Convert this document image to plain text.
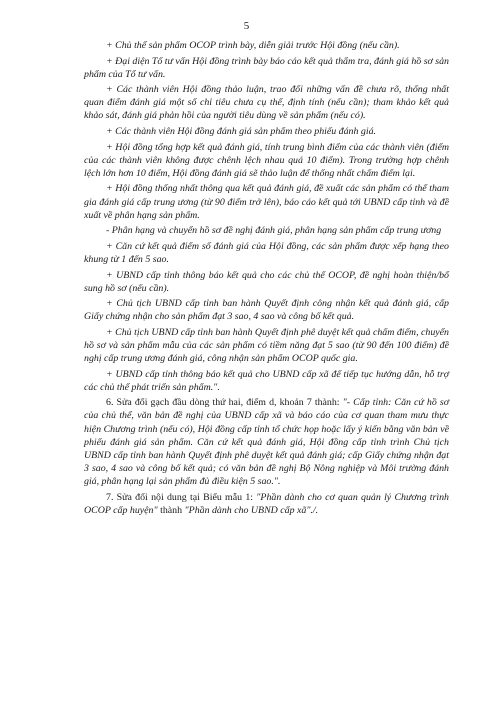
5

+ Chủ thể sản phẩm OCOP trình bày, diễn giải trước Hội đồng (nếu cần).

+ Đại diện Tổ tư vấn Hội đồng trình bày báo cáo kết quả thẩm tra, đánh giá hồ sơ sản phẩm của Tổ tư vấn.

+ Các thành viên Hội đồng thảo luận, trao đổi những vấn đề chưa rõ, thống nhất quan điểm đánh giá một số chỉ tiêu chưa cụ thể, định tính (nếu cần); tham khảo kết quả khảo sát, đánh giá phản hồi của người tiêu dùng về sản phẩm (nếu có).

+ Các thành viên Hội đồng đánh giá sản phẩm theo phiếu đánh giá.

+ Hội đồng tổng hợp kết quả đánh giá, tính trung bình điểm của các thành viên (điểm của các thành viên không được chênh lệch nhau quá 10 điểm). Trong trường hợp chênh lệch lớn hơn 10 điểm, Hội đồng đánh giá sẽ thảo luận để thống nhất chấm điểm lại.

+ Hội đồng thống nhất thông qua kết quả đánh giá, đề xuất các sản phẩm có thể tham gia đánh giá cấp trung ương (từ 90 điểm trở lên), báo cáo kết quả tới UBND cấp tỉnh và đề xuất về phân hạng sản phẩm.

- Phân hạng và chuyển hồ sơ đề nghị đánh giá, phân hạng sản phẩm cấp trung ương

+ Căn cứ kết quả điểm số đánh giá của Hội đồng, các sản phẩm được xếp hạng theo khung từ 1 đến 5 sao.

+ UBND cấp tỉnh thông báo kết quả cho các chủ thể OCOP, đề nghị hoàn thiện/bổ sung hồ sơ (nếu cần).

+ Chủ tịch UBND cấp tỉnh ban hành Quyết định công nhận kết quả đánh giá, cấp Giấy chứng nhận cho sản phẩm đạt 3 sao, 4 sao và công bố kết quả.

+ Chủ tịch UBND cấp tỉnh ban hành Quyết định phê duyệt kết quả chấm điểm, chuyển hồ sơ và sản phẩm mẫu của các sản phẩm có tiềm năng đạt 5 sao (từ 90 đến 100 điểm) đề nghị cấp trung ương đánh giá, công nhận sản phẩm OCOP quốc gia.

+ UBND cấp tỉnh thông báo kết quả cho UBND cấp xã để tiếp tục hướng dẫn, hỗ trợ các chủ thể phát triển sản phẩm.".

6. Sửa đổi gạch đầu dòng thứ hai, điểm d, khoản 7 thành: "- Cấp tỉnh: Căn cứ hồ sơ của chủ thể, văn bản đề nghị của UBND cấp xã và báo cáo của cơ quan tham mưu thực hiện Chương trình (nếu có), Hội đồng cấp tỉnh tổ chức họp hoặc lấy ý kiến bằng văn bản về phiếu đánh giá sản phẩm. Căn cứ kết quả đánh giá, Hội đồng cấp tỉnh trình Chủ tịch UBND cấp tỉnh ban hành Quyết định phê duyệt kết quả đánh giá; cấp Giấy chứng nhận đạt 3 sao, 4 sao và công bố kết quả; có văn bản đề nghị Bộ Nông nghiệp và Môi trường đánh giá, phân hạng lại sản phẩm đủ điều kiện 5 sao.".

7. Sửa đổi nội dung tại Biểu mẫu 1: "Phần dành cho cơ quan quản lý Chương trình OCOP cấp huyện" thành "Phần dành cho UBND cấp xã"./.
